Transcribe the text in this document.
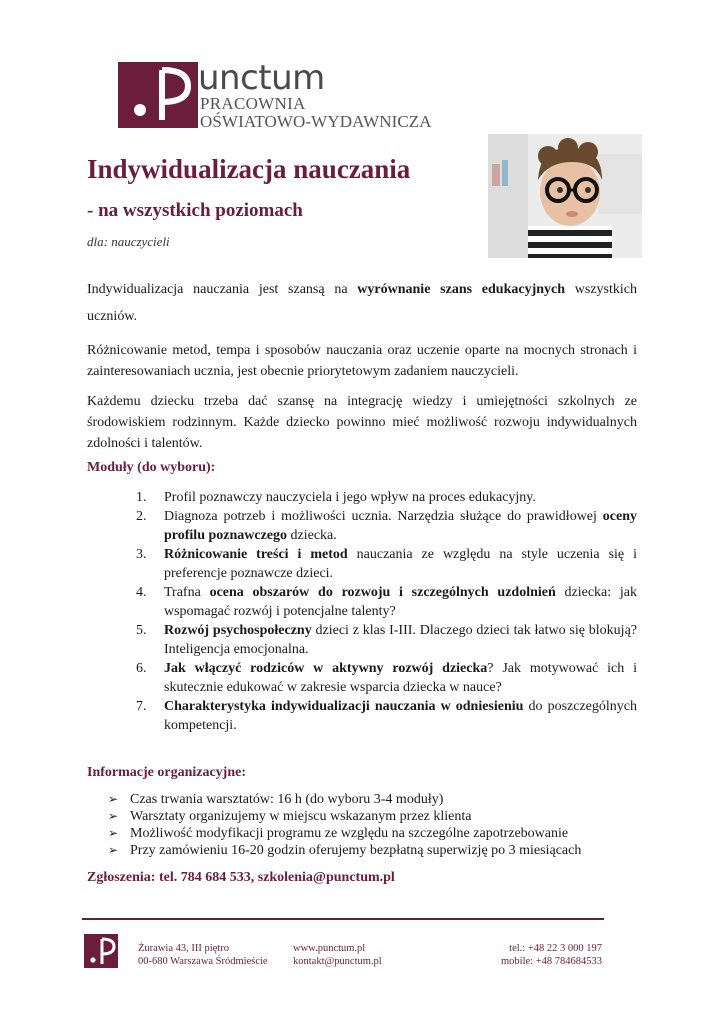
unctum
PRACOWNIA
OŚWIATOWO-WYDAWNICZA
Indywidualizacja nauczania
- na wszystkich poziomach
dla: nauczycieli

Indywidualizacja nauczania jest szansą na wyrównanie szans edukacyjnych wszystkich uczniów.

Różnicowanie metod, tempa i sposobów nauczania oraz uczenie oparte na mocnych stronach i zainteresowaniach ucznia, jest obecnie priorytetowym zadaniem nauczycieli.

Każdemu dziecku trzeba dać szansę na integrację wiedzy i umiejętności szkolnych ze środowiskiem rodzinnym. Każde dziecko powinno mieć możliwość rozwoju indywidualnych zdolności i talentów.

Moduły (do wyboru):
1. Profil poznawczy nauczyciela i jego wpływ na proces edukacyjny.
2. Diagnoza potrzeb i możliwości ucznia. Narzędzia służące do prawidłowej oceny profilu poznawczego dziecka.
3. Różnicowanie treści i metod nauczania ze względu na style uczenia się i preferencje poznawcze dzieci.
4. Trafna ocena obszarów do rozwoju i szczególnych uzdolnień dziecka: jak wspomagać rozwój i potencjalne talenty?
5. Rozwój psychospołeczny dzieci z klas I-III. Dlaczego dzieci tak łatwo się blokują? Inteligencja emocjonalna.
6. Jak włączyć rodziców w aktywny rozwój dziecka? Jak motywować ich i skutecznie edukować w zakresie wsparcia dziecka w nauce?
7. Charakterystyka indywidualizacji nauczania w odniesieniu do poszczególnych kompetencji.
Informacje organizacyjne:
➢ Czas trwania warsztatów: 16 h (do wyboru 3-4 moduły)
➢ Warsztaty organizujemy w miejscu wskazanym przez klienta
➢ Możliwość modyfikacji programu ze względu na szczególne zapotrzebowanie
➢ Przy zamówieniu 16-20 godzin oferujemy bezpłatną superwizję po 3 miesiącach

Zgłoszenia: tel. 784 684 533, szkolenia@punctum.pl

Żurawia 43, III piętro
00-680 Warszawa Śródmieście
www.punctum.pl
kontakt@punctum.pl
tel.: +48 22 3 000 197
mobile: +48 784684533
